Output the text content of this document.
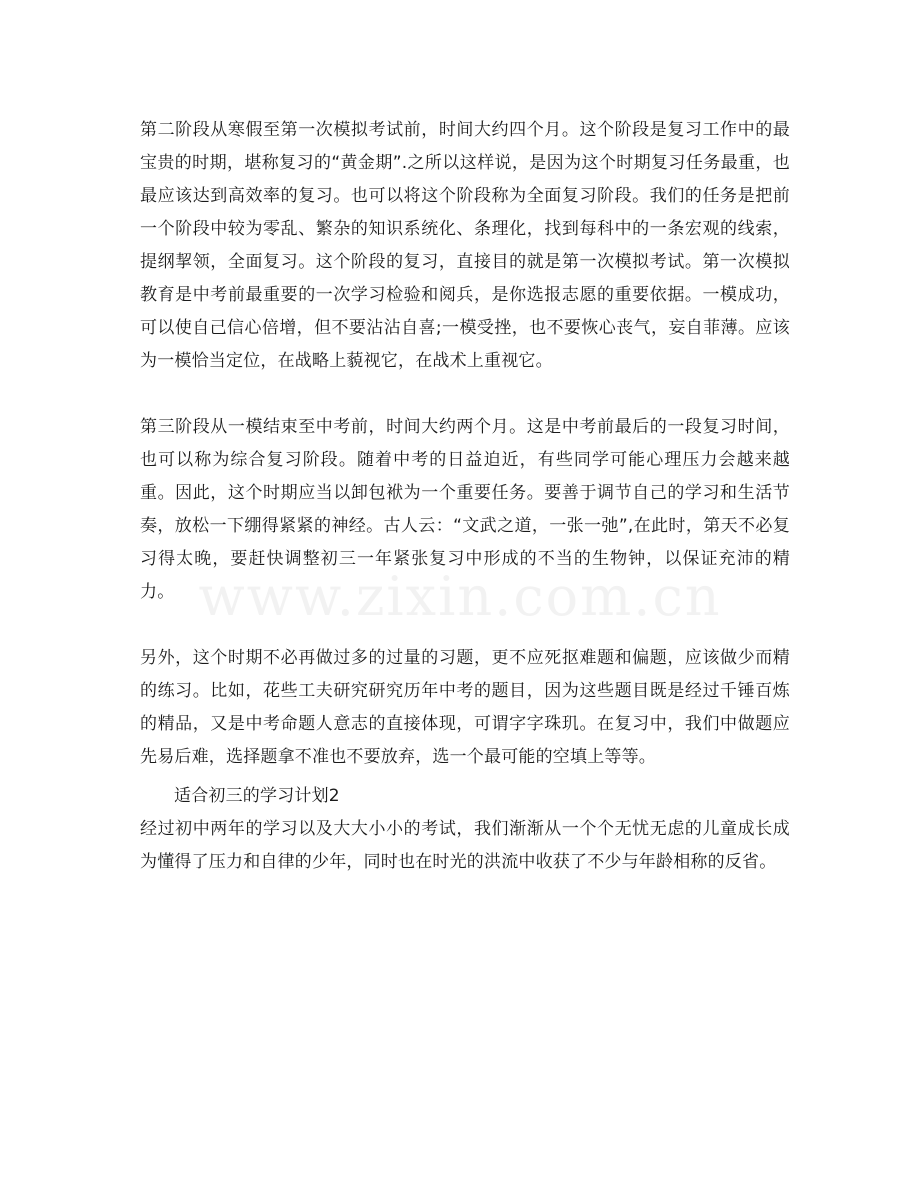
www.zixin.com.cn

第二阶段从寒假至第一次模拟考试前，时间大约四个月。这个阶段是复习工作中的最宝贵的时期，堪称复习的“黄金期”.之所以这样说，是因为这个时期复习任务最重，也最应该达到高效率的复习。也可以将这个阶段称为全面复习阶段。我们的任务是把前一个阶段中较为零乱、繁杂的知识系统化、条理化，找到每科中的一条宏观的线索，提纲挈领，全面复习。这个阶段的复习，直接目的就是第一次模拟考试。第一次模拟教育是中考前最重要的一次学习检验和阅兵，是你选报志愿的重要依据。一模成功，可以使自己信心倍增，但不要沾沾自喜;一模受挫，也不要恢心丧气，妄自菲薄。应该为一模恰当定位，在战略上藐视它，在战术上重视它。

第三阶段从一模结束至中考前，时间大约两个月。这是中考前最后的一段复习时间，也可以称为综合复习阶段。随着中考的日益迫近，有些同学可能心理压力会越来越重。因此，这个时期应当以卸包袱为一个重要任务。要善于调节自己的学习和生活节奏，放松一下绷得紧紧的神经。古人云：“文武之道，一张一弛”,在此时，第天不必复习得太晚，要赶快调整初三一年紧张复习中形成的不当的生物钟，以保证充沛的精力。

另外，这个时期不必再做过多的过量的习题，更不应死抠难题和偏题，应该做少而精的练习。比如，花些工夫研究研究历年中考的题目，因为这些题目既是经过千锤百炼的精品，又是中考命题人意志的直接体现，可谓字字珠玑。在复习中，我们中做题应先易后难，选择题拿不准也不要放弃，选一个最可能的空填上等等。

适合初三的学习计划2

经过初中两年的学习以及大大小小的考试，我们渐渐从一个个无忧无虑的儿童成长成为懂得了压力和自律的少年，同时也在时光的洪流中收获了不少与年龄相称的反省。
